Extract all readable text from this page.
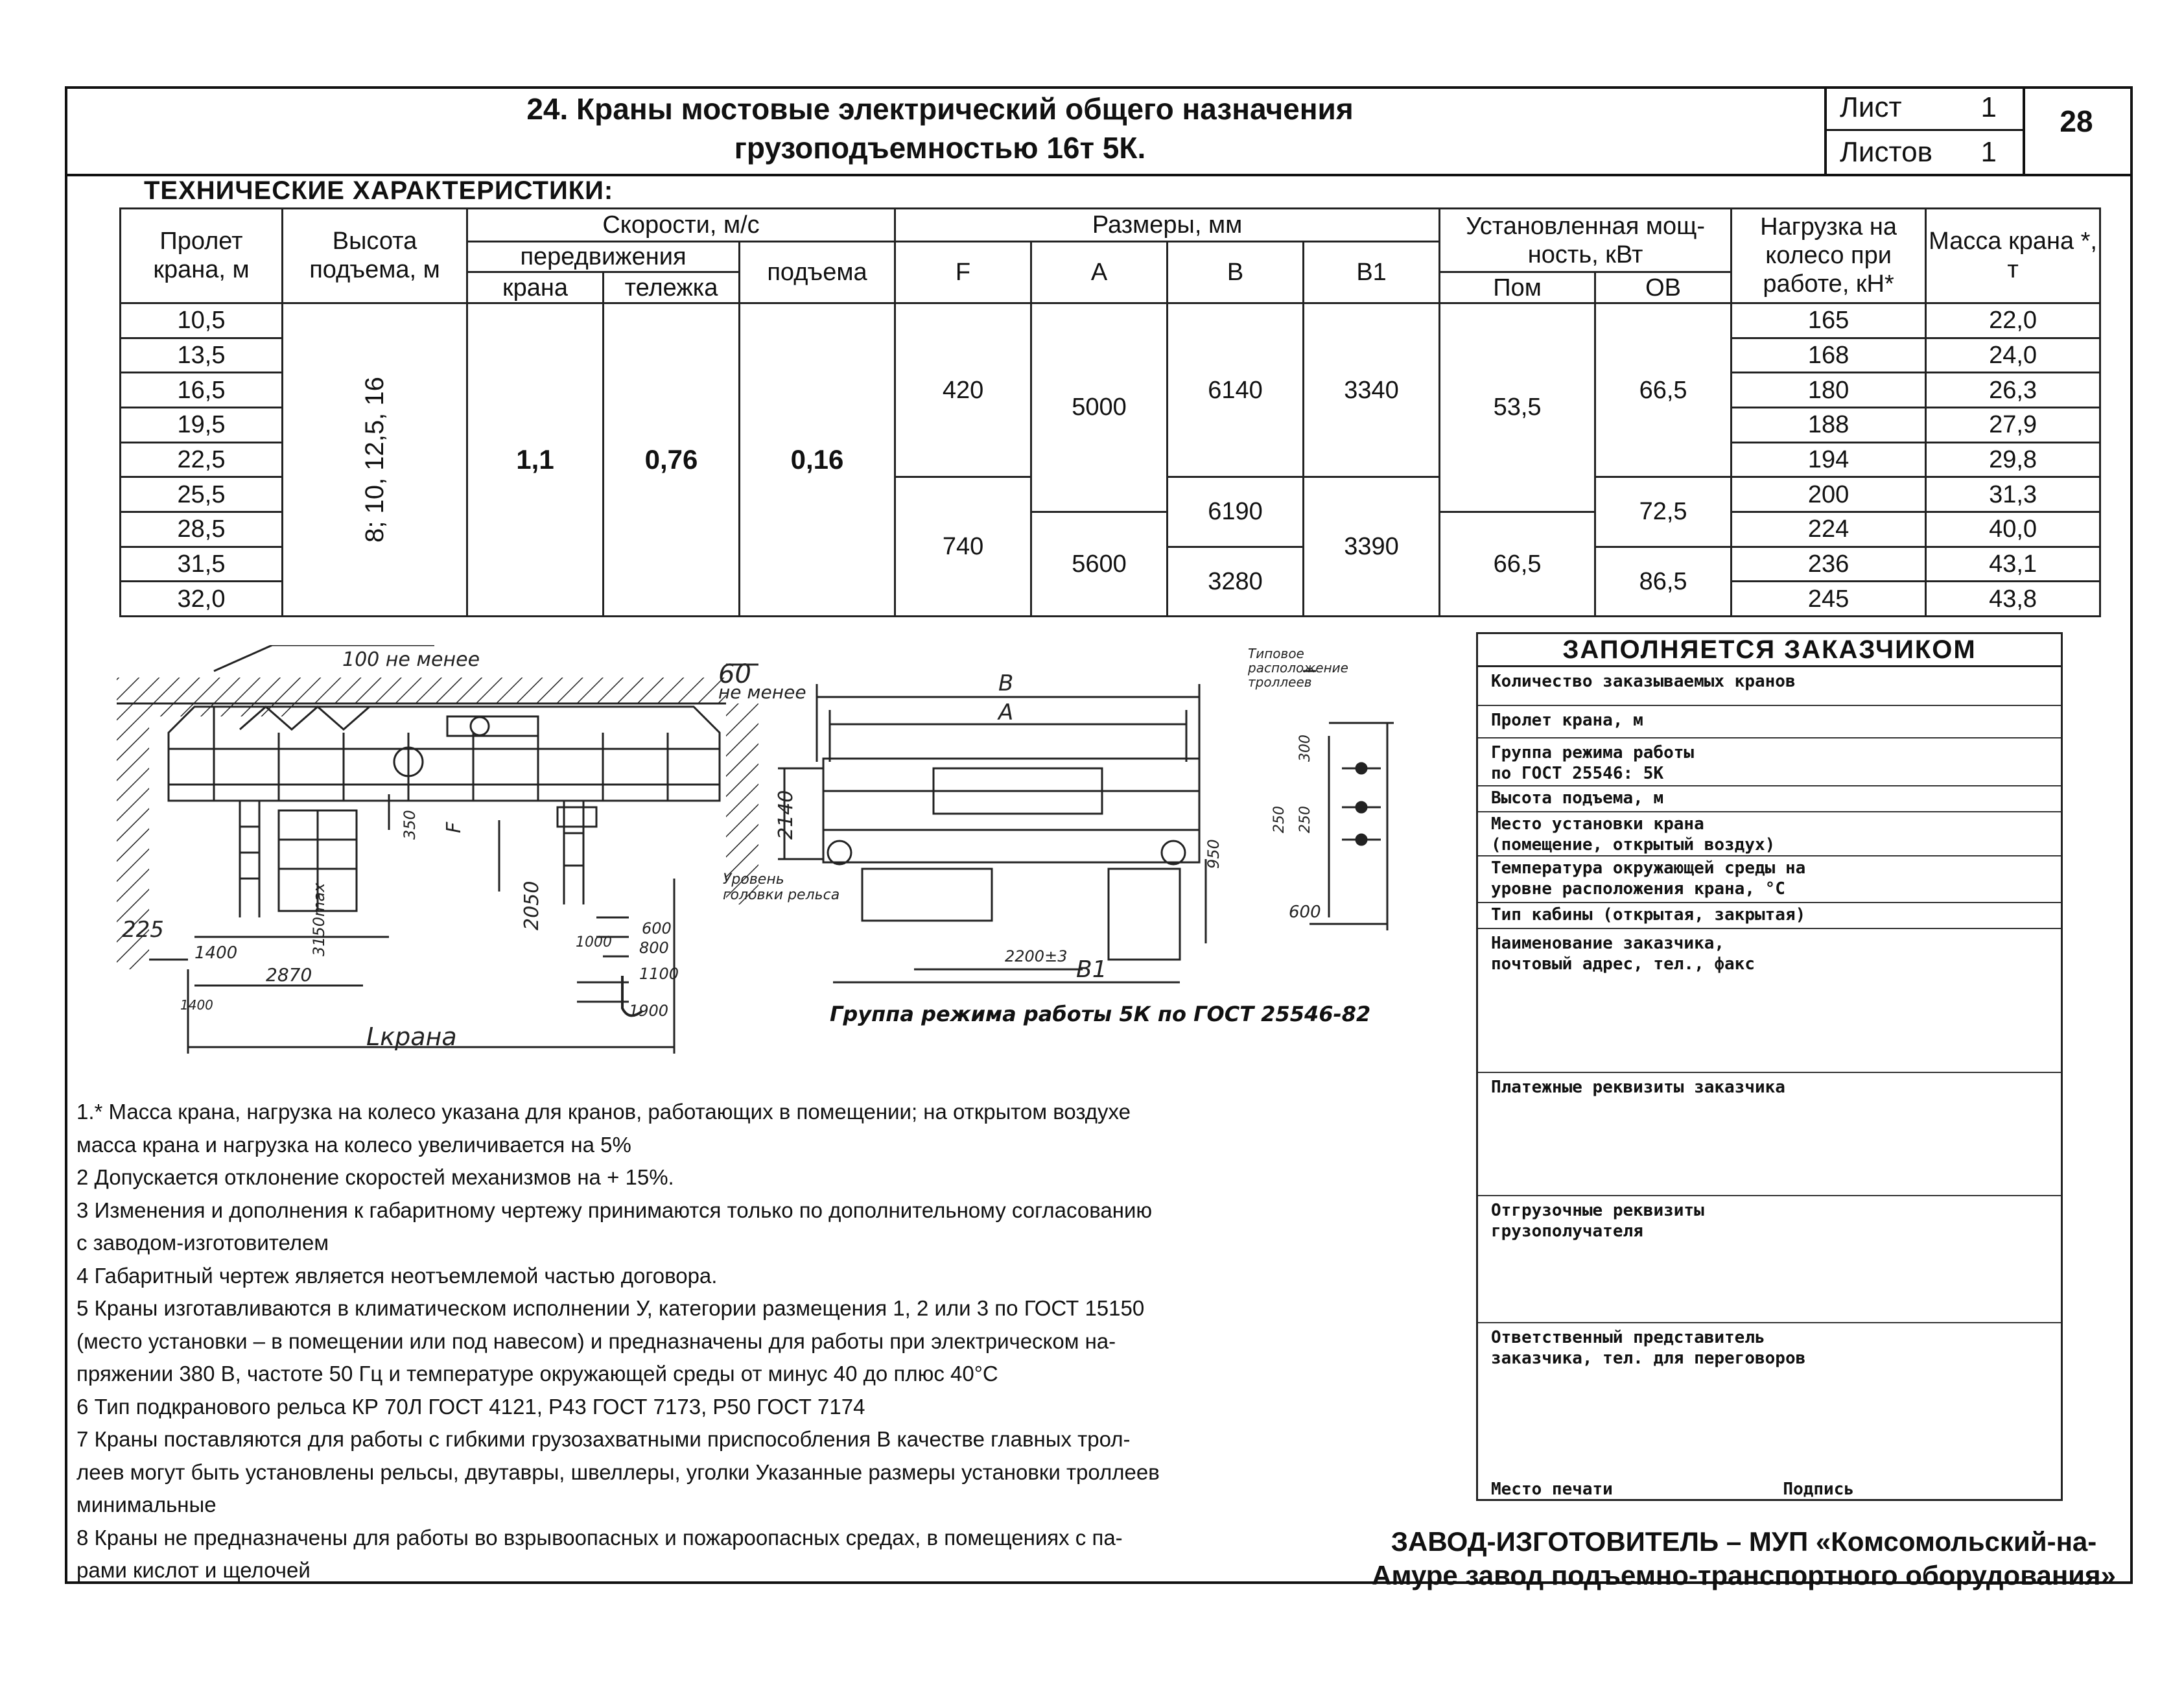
24. Краны мостовые электрический общего назначения
грузоподъемностью 16т 5К.
Лист	1
Листов 1
28
ТЕХНИЧЕСКИЕ ХАРАКТЕРИСТИКИ:
Пролет крана, м	Высота подъема, м	Скорости, м/с			Размеры, мм				Установленная мощ-ность, кВт		Нагрузка на колесо при работе, кН*	Масса крана *, т
		передвижения		подъема	F	А	В	В1				
		крана	тележка						Пом	ОВ		
10,5	8; 10, 12,5, 16	1,1	0,76	0,16	420	5000	6140	3340	53,5	66,5	165	22,0
13,5											168	24,0
16,5											180	26,3
19,5											188	27,9
22,5											194	29,8
25,5					740		6190	3390		72,5	200	31,3
28,5						5600			66,5		224	40,0
31,5							3280			86,5	236	43,1
32,0											245	43,8
100 не менее	60
не менее	В
А
2140
350 F
2050
3150max
225
1400
2870
1400
1000
600
800
1100
1900
Lкрана
Уровень
головки рельса
950
2200±3 В1
Типовое
расположение
троллеев
300
250
250
600
Группа режима работы 5К по ГОСТ 25546-82
ЗАПОЛНЯЕТСЯ ЗАКАЗЧИКОМ
Количество заказываемых кранов
Пролет крана, м
Группа режима работы
по ГОСТ 25546: 5К
Высота подъема, м
Место установки крана
(помещение, открытый воздух)
Температура окружающей среды на
уровне расположения крана, °С
Тип кабины (открытая, закрытая)
Наименование заказчика,
почтовый адрес, тел., факс
Платежные реквизиты заказчика
Отгрузочные реквизиты
грузополучателя
Ответственный представитель
заказчика, тел. для переговоров
Место печати	Подпись

1.* Масса крана, нагрузка на колесо указана для кранов, работающих в помещении; на открытом воздухе

масса крана и нагрузка на колесо увеличивается на 5%

2 Допускается отклонение скоростей механизмов на + 15%.

3 Изменения и дополнения к габаритному чертежу принимаются только по дополнительному согласованию

с заводом-изготовителем

4 Габаритный чертеж является неотъемлемой частью договора.

5 Краны изготавливаются в климатическом исполнении У, категории размещения 1, 2 или 3 по ГОСТ 15150

(место установки – в помещении или под навесом) и предназначены для работы при электрическом на-

пряжении 380 В, частоте 50 Гц и температуре окружающей среды от минус 40 до плюс 40°С

6 Тип подкранового рельса КР 70Л ГОСТ 4121, Р43 ГОСТ 7173, Р50 ГОСТ 7174

7 Краны поставляются для работы с гибкими грузозахватными приспособления В качестве главных трол-

леев могут быть установлены рельсы, двутавры, швеллеры, уголки Указанные размеры установки троллеев

минимальные

8 Краны не предназначены для работы во взрывоопасных и пожароопасных средах, в помещениях с па-

рами кислот и щелочей

ЗАВОД-ИЗГОТОВИТЕЛЬ – МУП «Комсомольский-на-
Амуре завод подъемно-транспортного оборудования»
